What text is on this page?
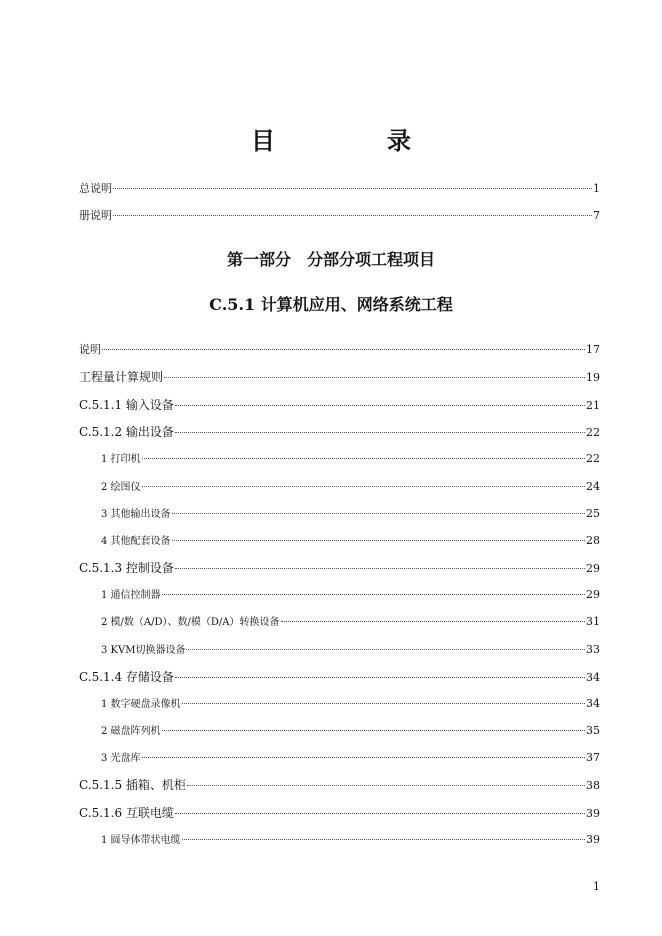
目　录
总说明	1
册说明	7
第一部分　分部分项工程项目
C.5.1 计算机应用、网络系统工程
说明	17
工程量计算规则	19
C.5.1.1 输入设备	21
C.5.1.2 输出设备	22
1 打印机	22
2 绘图仪	24
3 其他输出设备	25
4 其他配套设备	28
C.5.1.3 控制设备	29
1 通信控制器	29
2 模/数（A/D）、数/模（D/A）转换设备	31
3 KVM切换器设备	33
C.5.1.4 存储设备	34
1 数字硬盘录像机	34
2 磁盘阵列机	35
3 光盘库	37
C.5.1.5 插箱、机柜	38
C.5.1.6 互联电缆	39
1 圆导体带状电缆	39
1
